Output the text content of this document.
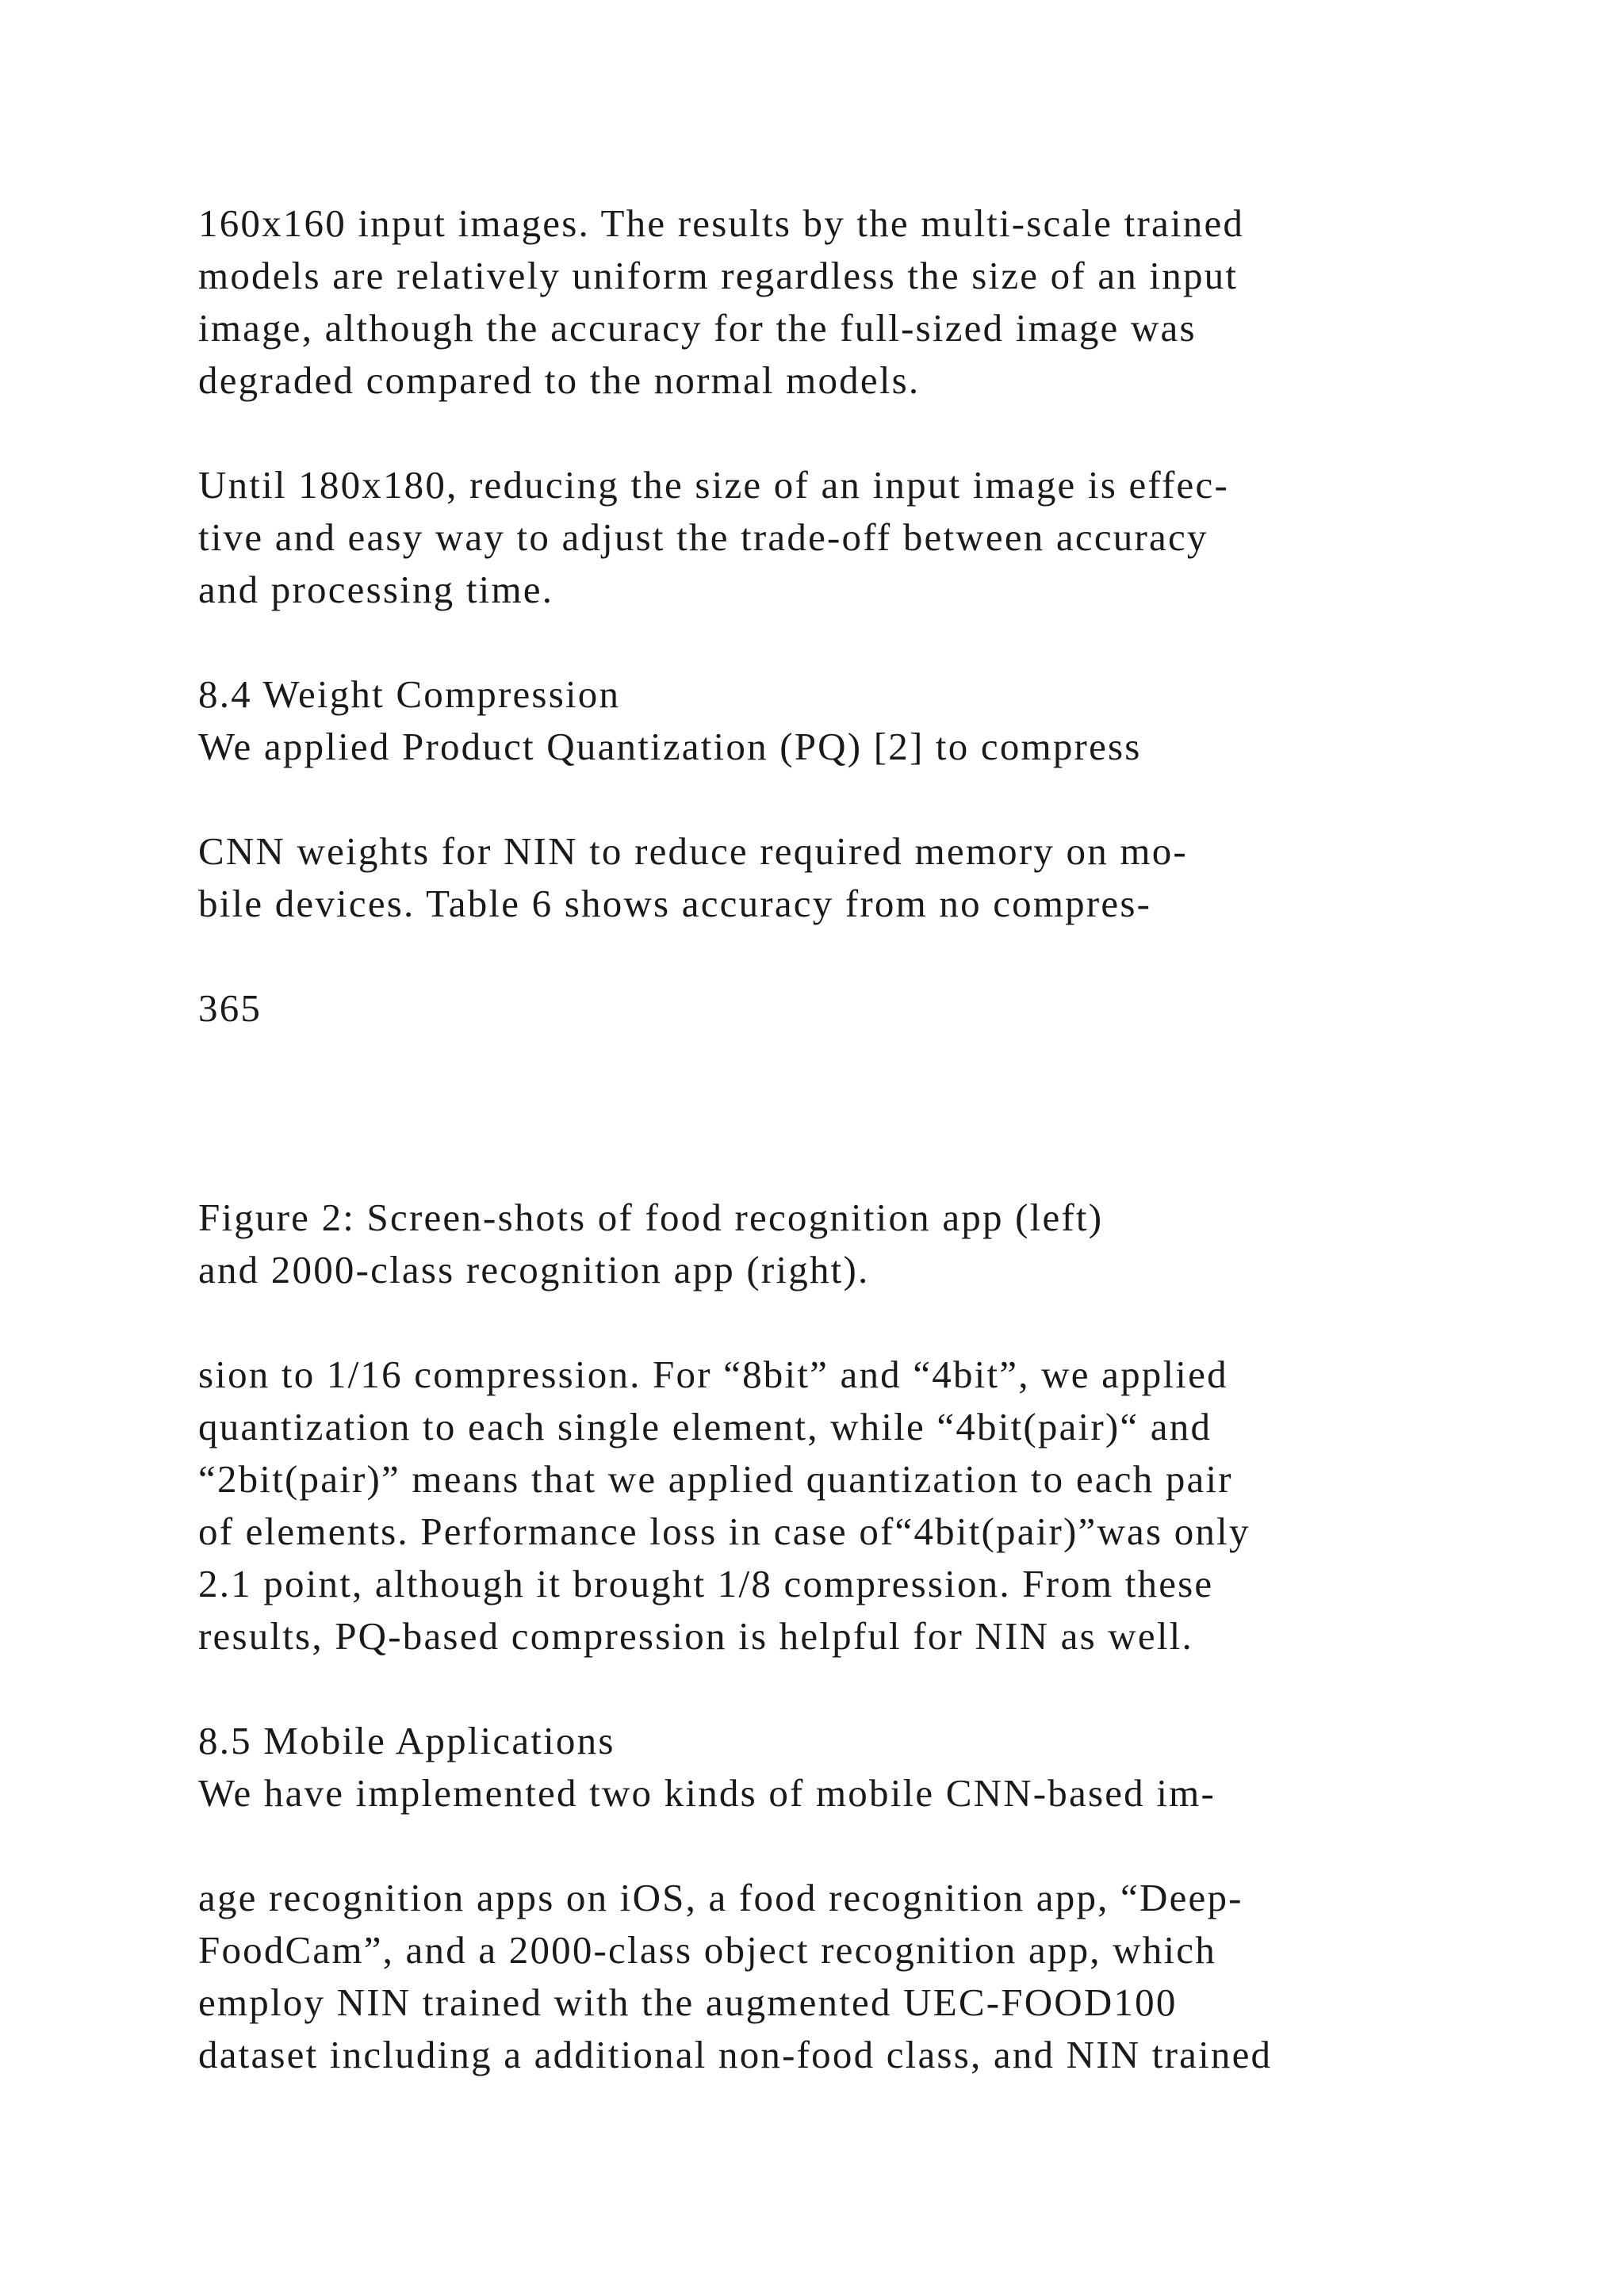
160x160 input images. The results by the multi-scale trained

models are relatively uniform regardless the size of an input

image, although the accuracy for the full-sized image was

degraded compared to the normal models.

Until 180x180, reducing the size of an input image is effec-

tive and easy way to adjust the trade-off between accuracy

and processing time.

8.4 Weight Compression

We applied Product Quantization (PQ) [2] to compress

CNN weights for NIN to reduce required memory on mo-

bile devices. Table 6 shows accuracy from no compres-

365

Figure 2: Screen-shots of food recognition app (left)

and 2000-class recognition app (right).

sion to 1/16 compression. For “8bit” and “4bit”, we applied

quantization to each single element, while “4bit(pair)“ and

“2bit(pair)” means that we applied quantization to each pair

of elements. Performance loss in case of“4bit(pair)”was only

2.1 point, although it brought 1/8 compression. From these

results, PQ-based compression is helpful for NIN as well.

8.5 Mobile Applications

We have implemented two kinds of mobile CNN-based im-

age recognition apps on iOS, a food recognition app, “Deep-

FoodCam”, and a 2000-class object recognition app, which

employ NIN trained with the augmented UEC-FOOD100

dataset including a additional non-food class, and NIN trained
